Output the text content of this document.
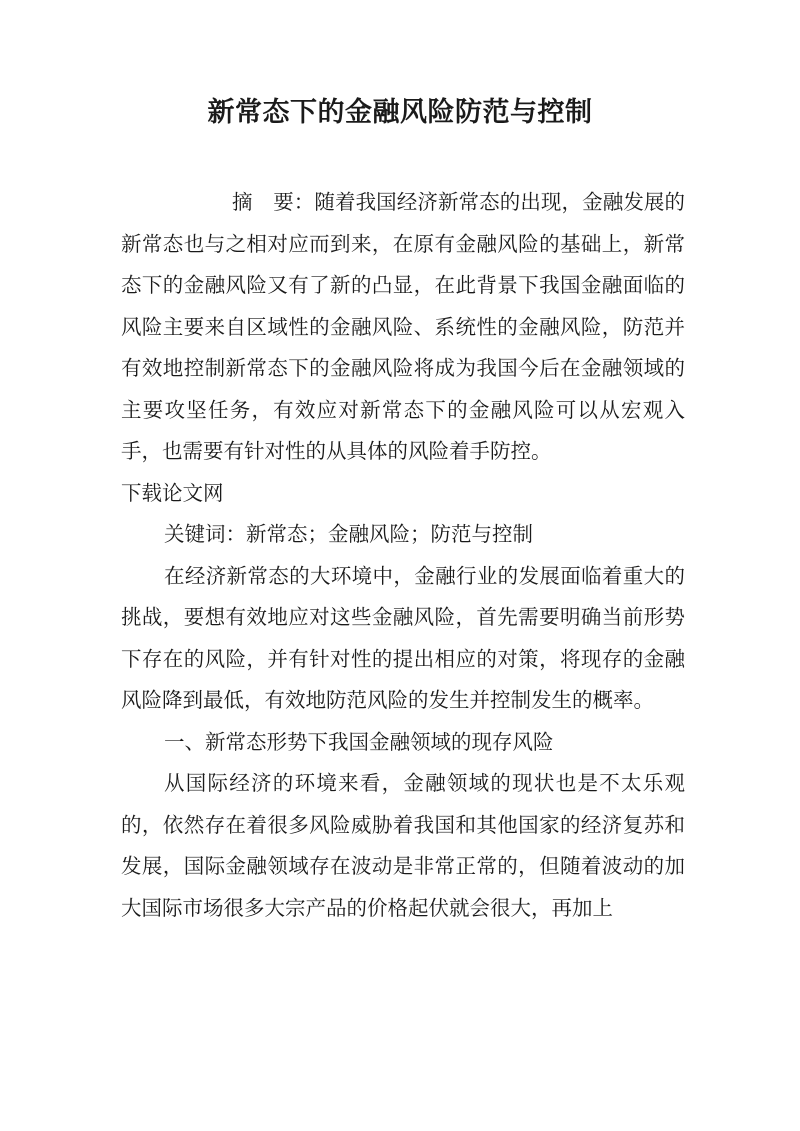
新常态下的金融风险防范与控制

摘　要：随着我国经济新常态的出现，金融发展的新常态也与之相对应而到来，在原有金融风险的基础上，新常态下的金融风险又有了新的凸显，在此背景下我国金融面临的风险主要来自区域性的金融风险、系统性的金融风险，防范并有效地控制新常态下的金融风险将成为我国今后在金融领域的主要攻坚任务，有效应对新常态下的金融风险可以从宏观入手，也需要有针对性的从具体的风险着手防控。

下载论文网

关键词：新常态；金融风险；防范与控制

在经济新常态的大环境中，金融行业的发展面临着重大的挑战，要想有效地应对这些金融风险，首先需要明确当前形势下存在的风险，并有针对性的提出相应的对策，将现存的金融风险降到最低，有效地防范风险的发生并控制发生的概率。

一、新常态形势下我国金融领域的现存风险

从国际经济的环境来看，金融领域的现状也是不太乐观的，依然存在着很多风险威胁着我国和其他国家的经济复苏和发展，国际金融领域存在波动是非常正常的，但随着波动的加大国际市场很多大宗产品的价格起伏就会很大，再加上
